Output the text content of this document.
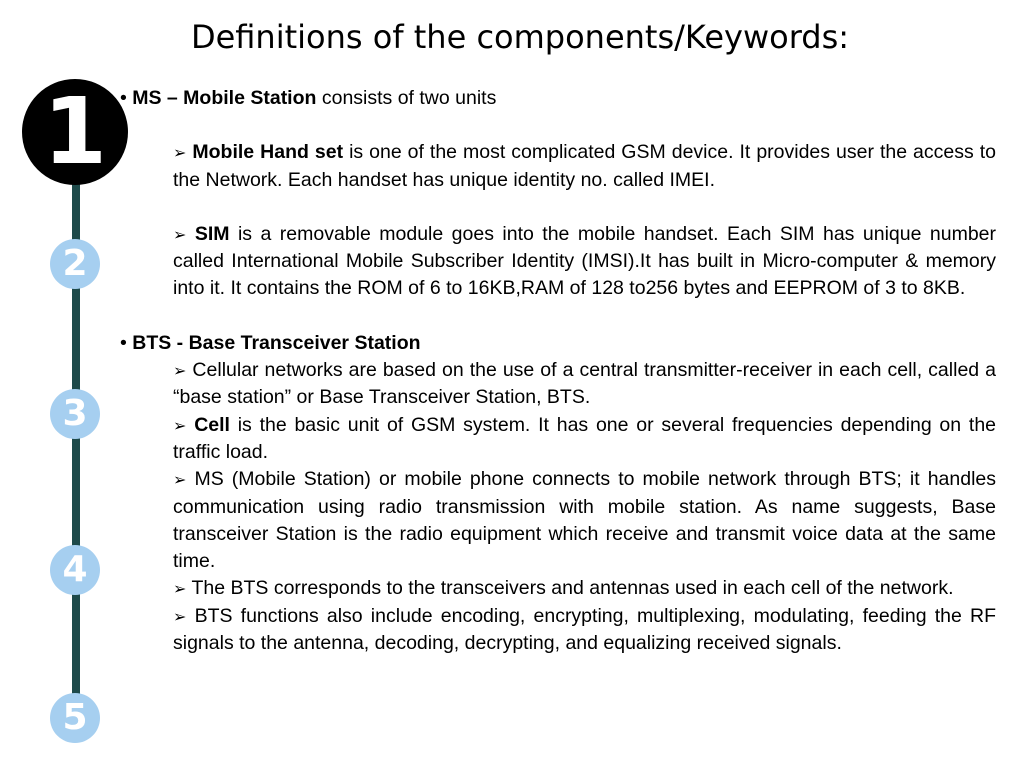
Definitions of the components/Keywords:
1
2
3
4
5

• MS – Mobile Station consists of two units

➢ Mobile Hand set is one of the most complicated GSM device. It provides user the access to the Network. Each handset has unique identity no. called IMEI.

➢ SIM is a removable module goes into the mobile handset. Each SIM has unique number called International Mobile Subscriber Identity (IMSI).It has built in Micro-computer & memory into it. It contains the ROM of 6 to 16KB,RAM of 128 to256 bytes and EEPROM of 3 to 8KB.

• BTS - Base Transceiver Station

➢ Cellular networks are based on the use of a central transmitter-receiver in each cell, called a “base station” or Base Transceiver Station, BTS.

➢ Cell is the basic unit of GSM system. It has one or several frequencies depending on the traffic load.

➢ MS (Mobile Station) or mobile phone connects to mobile network through BTS; it handles communication using radio transmission with mobile station. As name suggests, Base transceiver Station is the radio equipment which receive and transmit voice data at the same time.

➢ The BTS corresponds to the transceivers and antennas used in each cell of the network.

➢ BTS functions also include encoding, encrypting, multiplexing, modulating, feeding the RF signals to the antenna, decoding, decrypting, and equalizing received signals.
